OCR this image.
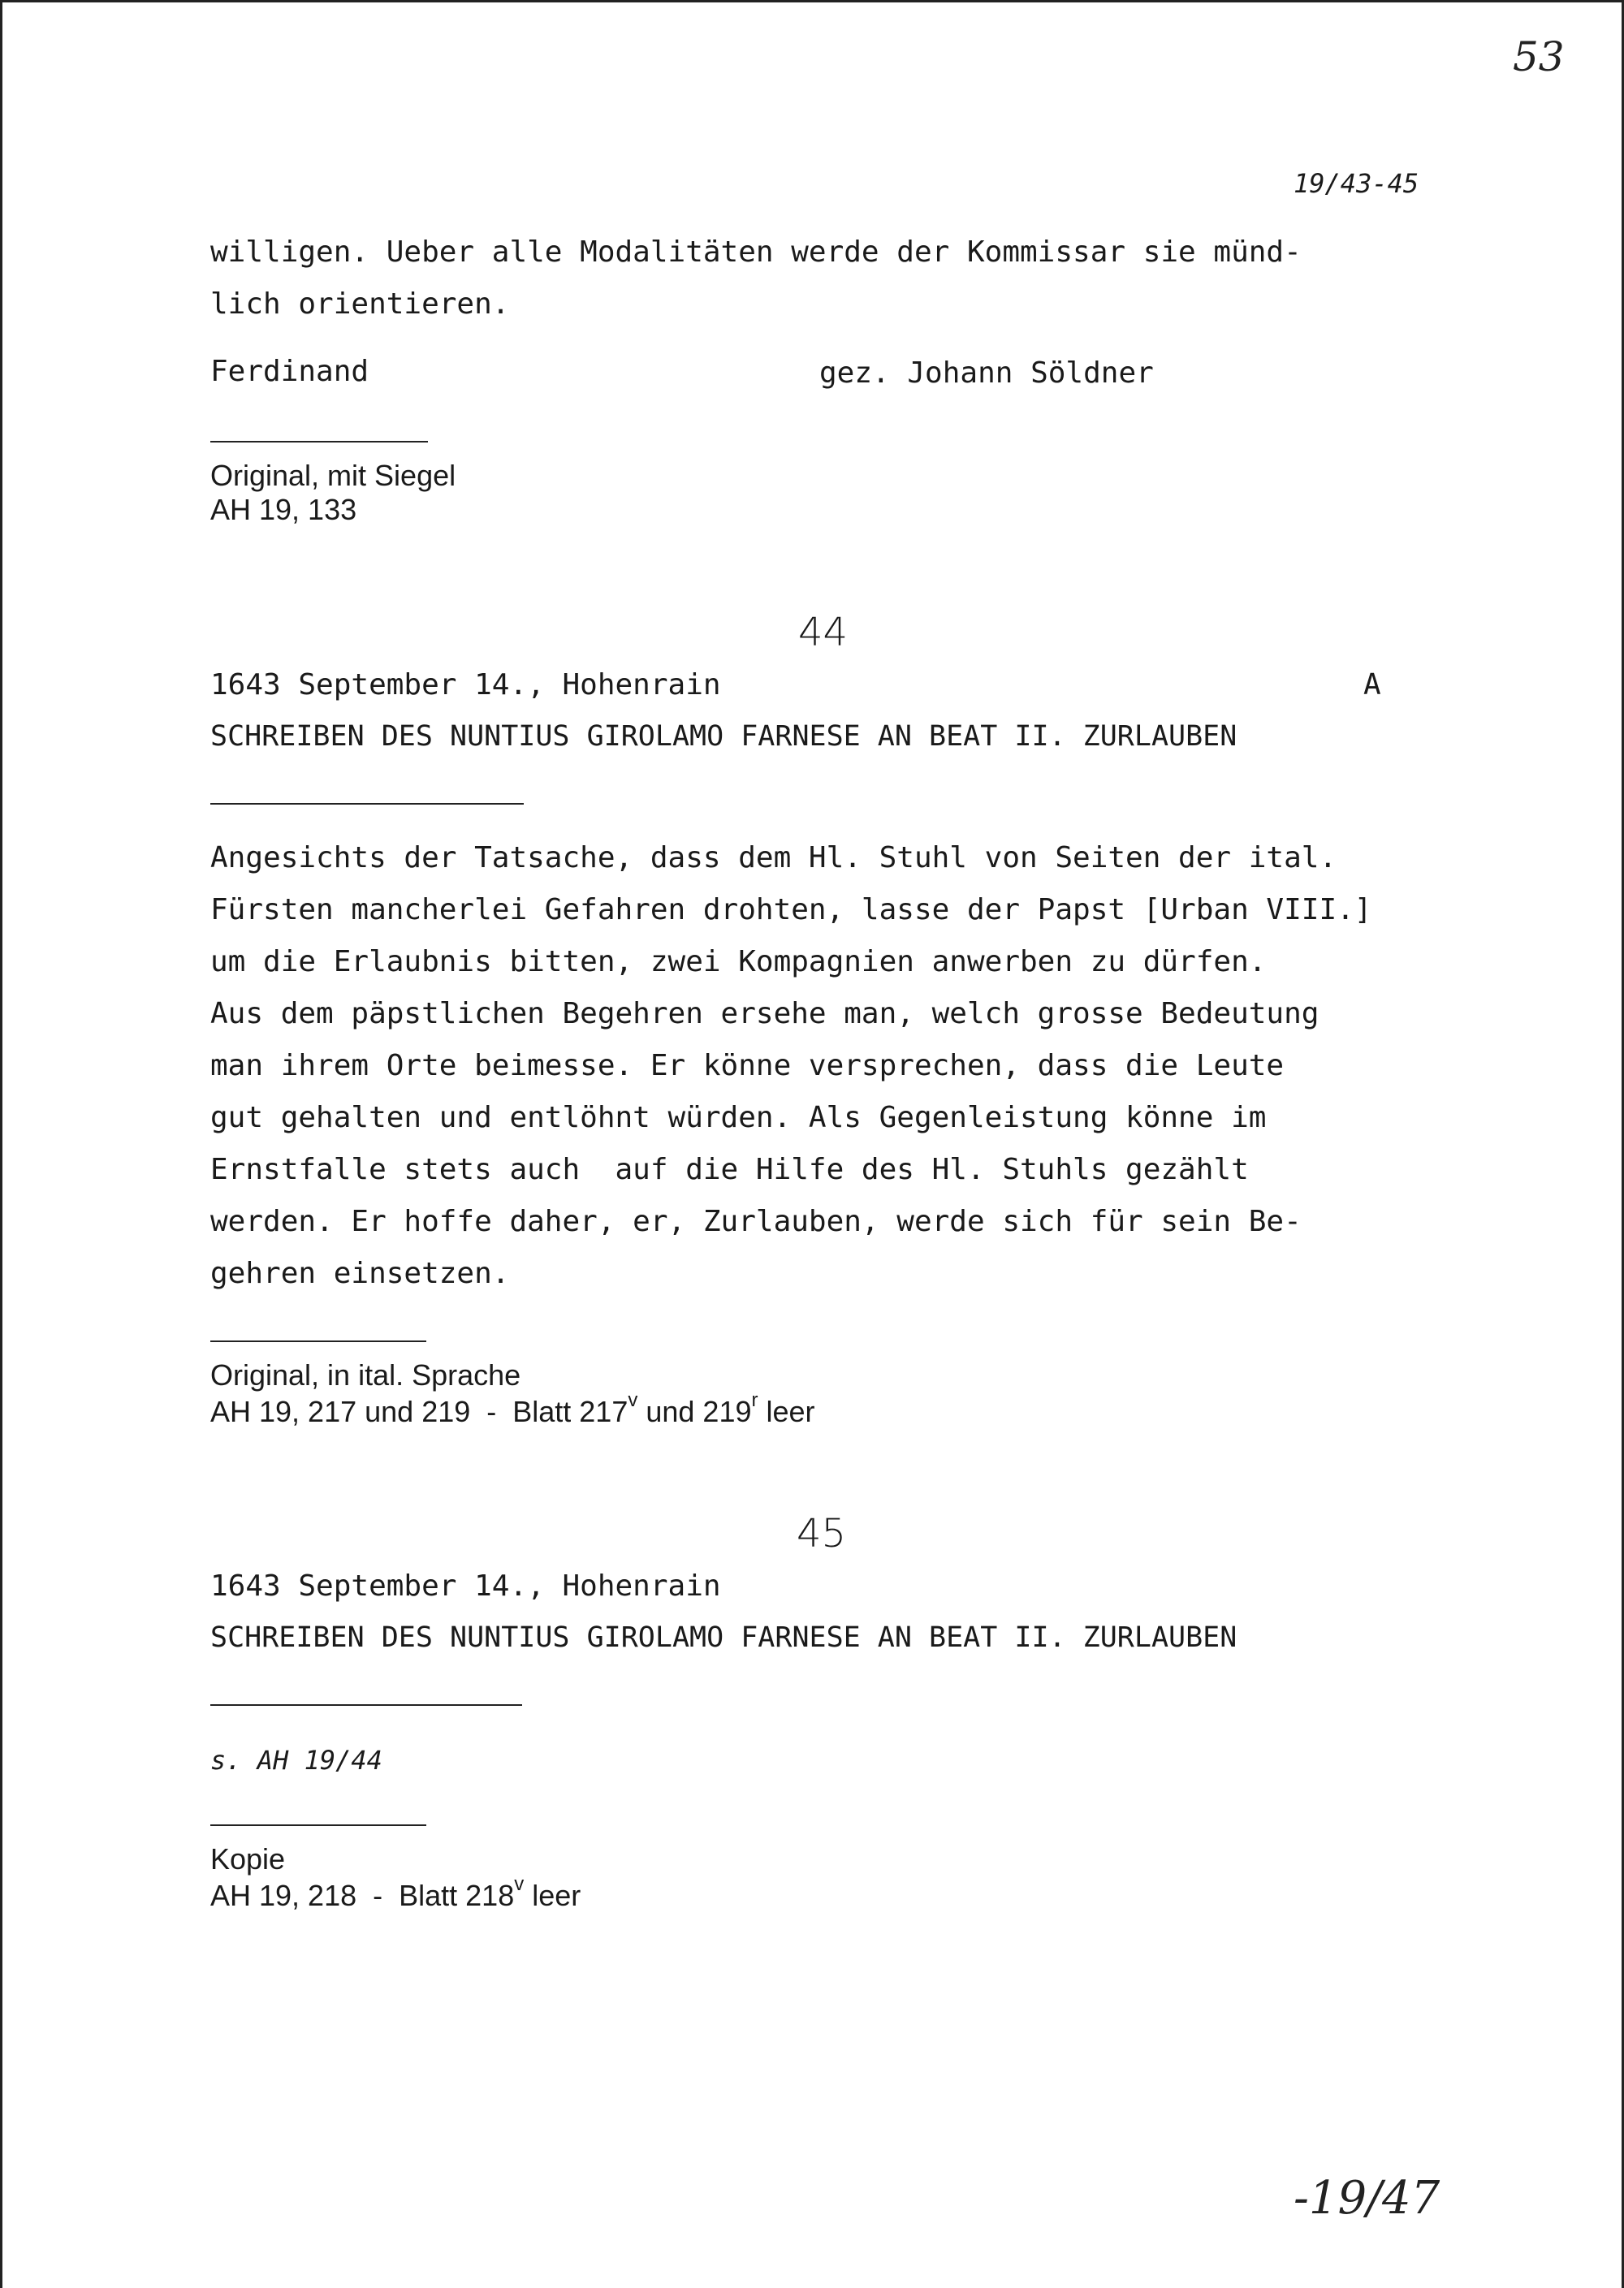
53
19/43-45
willigen. Ueber alle Modalitäten werde der Kommissar sie münd-
lich orientieren.
Ferdinand	gez. Johann Söldner
Original, mit Siegel
AH 19, 133
44
1643 September 14., Hohenrain	A
SCHREIBEN DES NUNTIUS GIROLAMO FARNESE AN BEAT II. ZURLAUBEN
Angesichts der Tatsache, dass dem Hl. Stuhl von Seiten der ital.
Fürsten mancherlei Gefahren drohten, lasse der Papst [Urban VIII.]
um die Erlaubnis bitten, zwei Kompagnien anwerben zu dürfen.
Aus dem päpstlichen Begehren ersehe man, welch grosse Bedeutung
man ihrem Orte beimesse. Er könne versprechen, dass die Leute
gut gehalten und entlöhnt würden. Als Gegenleistung könne im
Ernstfalle stets auch  auf die Hilfe des Hl. Stuhls gezählt
werden. Er hoffe daher, er, Zurlauben, werde sich für sein Be-
gehren einsetzen.
Original, in ital. Sprache
AH 19, 217 und 219  -  Blatt 217$^v$ und 219$^r$ leer
45
1643 September 14., Hohenrain
SCHREIBEN DES NUNTIUS GIROLAMO FARNESE AN BEAT II. ZURLAUBEN
s. AH 19/44
Kopie
AH 19, 218  -  Blatt 218$^v$ leer
-19/47
